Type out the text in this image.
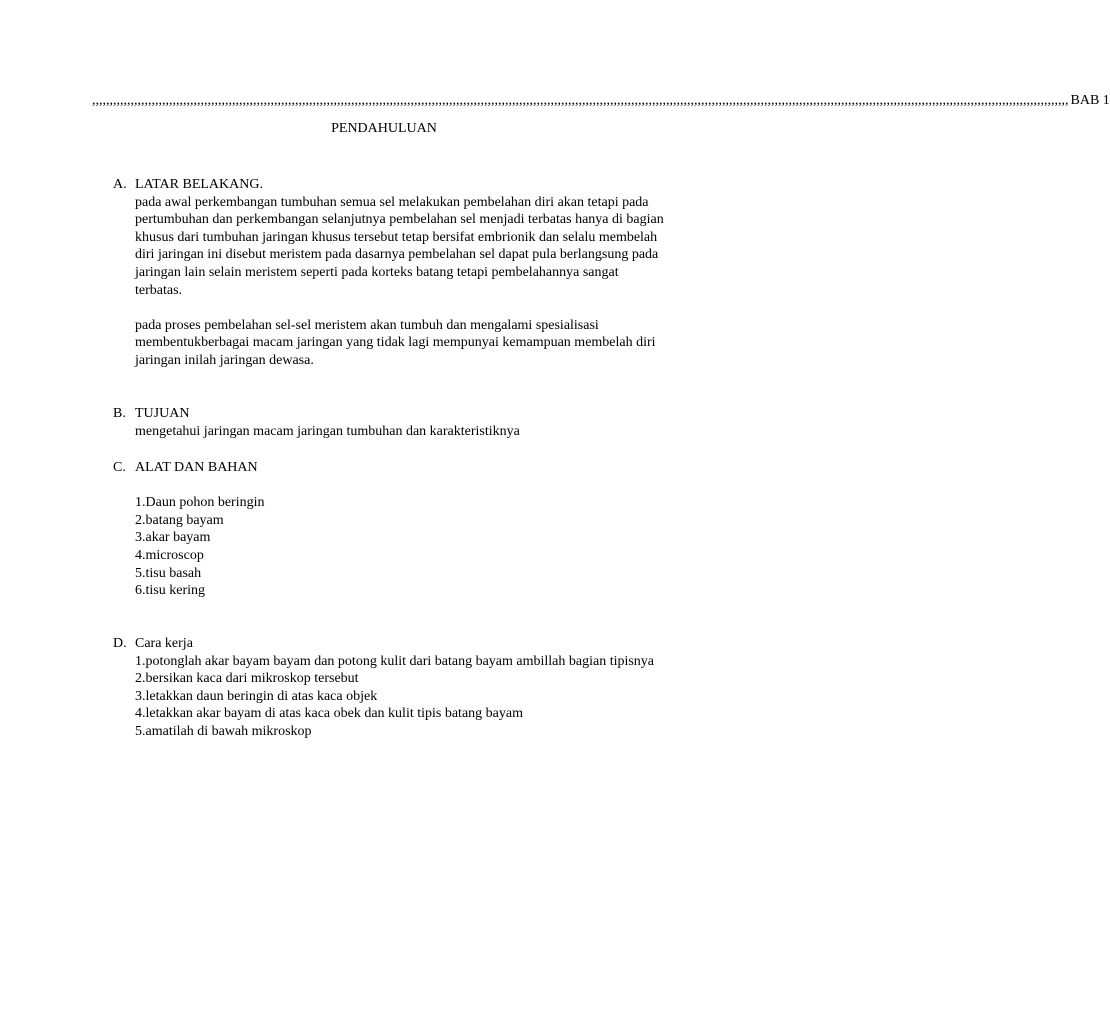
,,,,,,,,,,,,,,,,,,,,,,,,,,,,,,,,,,,,,,,,,,,,,,,,,,,,,,,,,,,,,,,,,,,,,,,,,,,,,,,,,,,,,,,,,,,,,,,,,,,,,,,,,,,,,,,,,,,,,,,,,,,,,,,,,,,,,,,,,,,,,,,,,,,,,,,,,,,,,,,,,,,,,,,,,,,,,,,,,,,,,,,,,,,,,,,,,,,,,,,,,,,,,,,,,,,,,,,,,,,,,,,,,,,,,,,,,,,,,,,,,,,,,,,,,,,,,,,,,,,,,,,,,,,,,,,,,,,,,,, BAB 1
PENDAHULUAN
A. LATAR BELAKANG.
pada awal perkembangan tumbuhan semua sel melakukan pembelahan diri akan tetapi pada
pertumbuhan dan perkembangan selanjutnya pembelahan sel menjadi terbatas hanya di bagian
khusus dari tumbuhan jaringan khusus tersebut tetap bersifat embrionik dan selalu membelah
diri jaringan ini disebut meristem pada dasarnya pembelahan sel dapat pula berlangsung pada
jaringan lain selain meristem seperti pada korteks batang tetapi pembelahannya sangat
terbatas.
pada proses pembelahan sel-sel meristem akan tumbuh dan mengalami spesialisasi
membentukberbagai macam jaringan yang tidak lagi mempunyai kemampuan membelah diri
jaringan inilah jaringan dewasa.
B. TUJUAN
mengetahui jaringan macam jaringan tumbuhan dan karakteristiknya
C. ALAT DAN BAHAN
1.Daun pohon beringin
2.batang bayam
3.akar bayam
4.microscop
5.tisu basah
6.tisu kering
D. Cara kerja
1.potonglah akar bayam bayam dan potong kulit dari batang bayam ambillah bagian tipisnya
2.bersikan kaca dari mikroskop tersebut
3.letakkan daun beringin di atas kaca objek
4.letakkan akar bayam di atas kaca obek dan kulit tipis batang bayam
5.amatilah di bawah mikroskop
